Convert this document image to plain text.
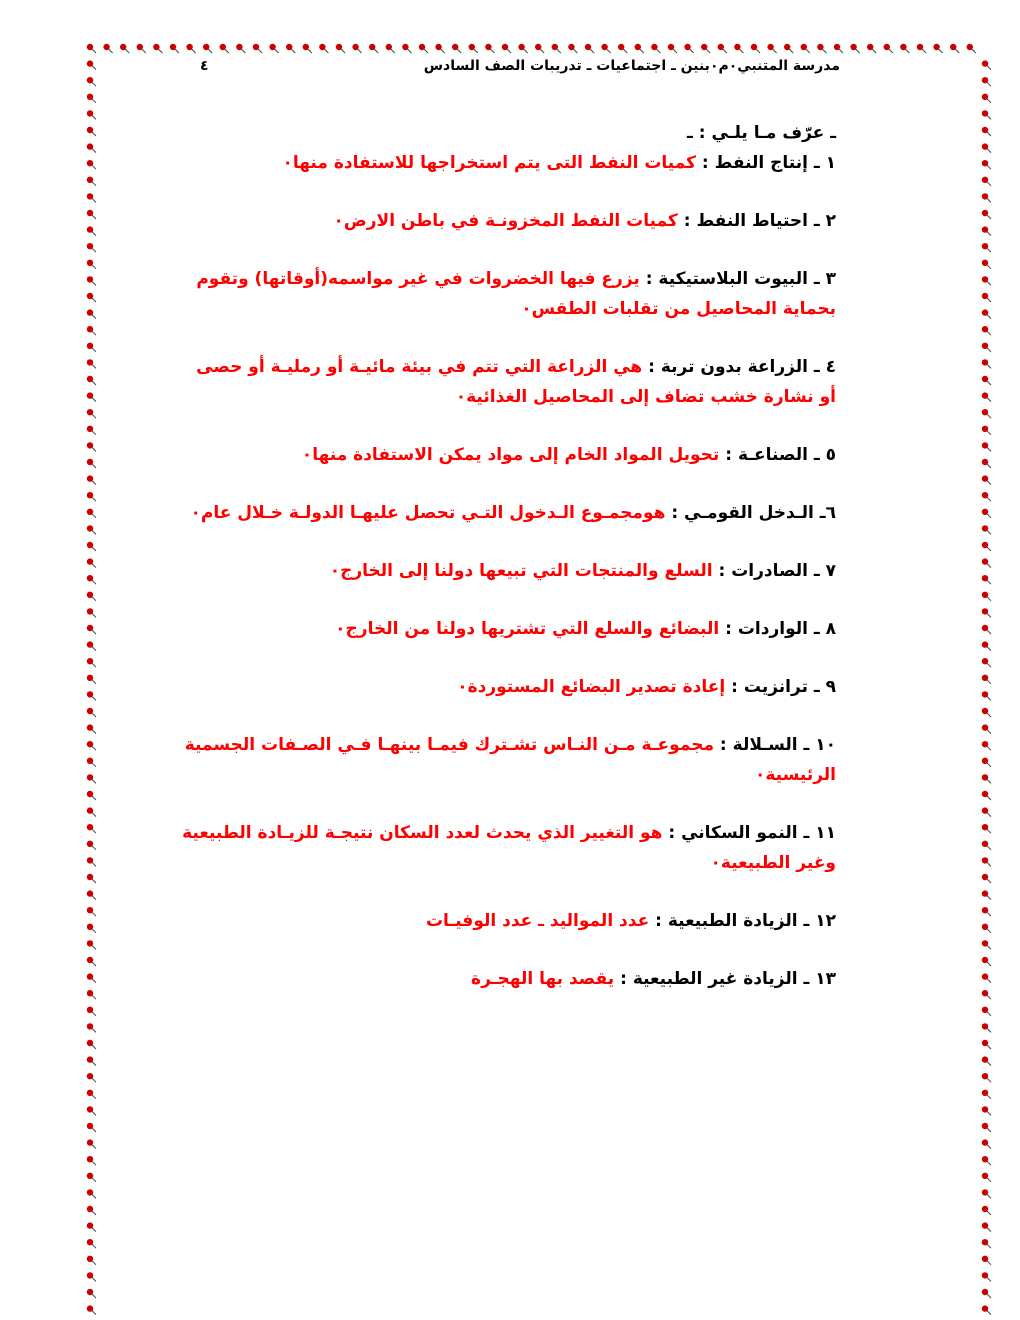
مدرسة المتنبي٠م٠بنين ـ اجتماعيات ـ تدريبات الصف السادس
٤
ـ عرّف مـا يلـي : ـ
١ ـ إنتاج النفط : كميات النفط التى يتم استخراجها للاستفادة منها٠
٢ ـ احتياط النفط : كميات النفط المخزونـة في باطن الارض٠
٣ ـ البيوت البلاستيكية : يزرع فيها الخضروات في غير مواسمه(أوقاتها) وتقوم بحماية المحاصيل من تقلبات الطقس٠
٤ ـ الزراعة بدون تربة : هي الزراعة التي تتم في بيئة مائيـة أو رمليـة أو حصى أو نشارة خشب تضاف إلى المحاصيل الغذائية٠
٥ ـ الصناعـة : تحويل المواد الخام إلى مواد يمكن الاستفادة منها٠
٦ـ الـدخل القومـي : هومجمـوع الـدخول التـي تحصل عليهـا الدولـة خـلال عام٠
٧ ـ الصادرات : السلع والمنتجات التي تبيعها دولنا إلى الخارج٠
٨ ـ الواردات : البضائع والسلع التي تشتريها دولنا من الخارج٠
٩ ـ ترانزيت : إعادة تصدير البضائع المستوردة٠
١٠ ـ السـلالة : مجموعـة مـن النـاس تشـترك فيمـا بينهـا فـي الصـفات الجسمية الرئيسية٠
١١ ـ النمو السكاني : هو التغيير الذي يحدث لعدد السكان نتيجـة للزيـادة الطبيعية وغير الطبيعية٠
١٢ ـ الزيادة الطبيعية : عدد المواليد ـ عدد الوفيـات
١٣ ـ الزيادة غير الطبيعية : يقصد بها الهجـرة
